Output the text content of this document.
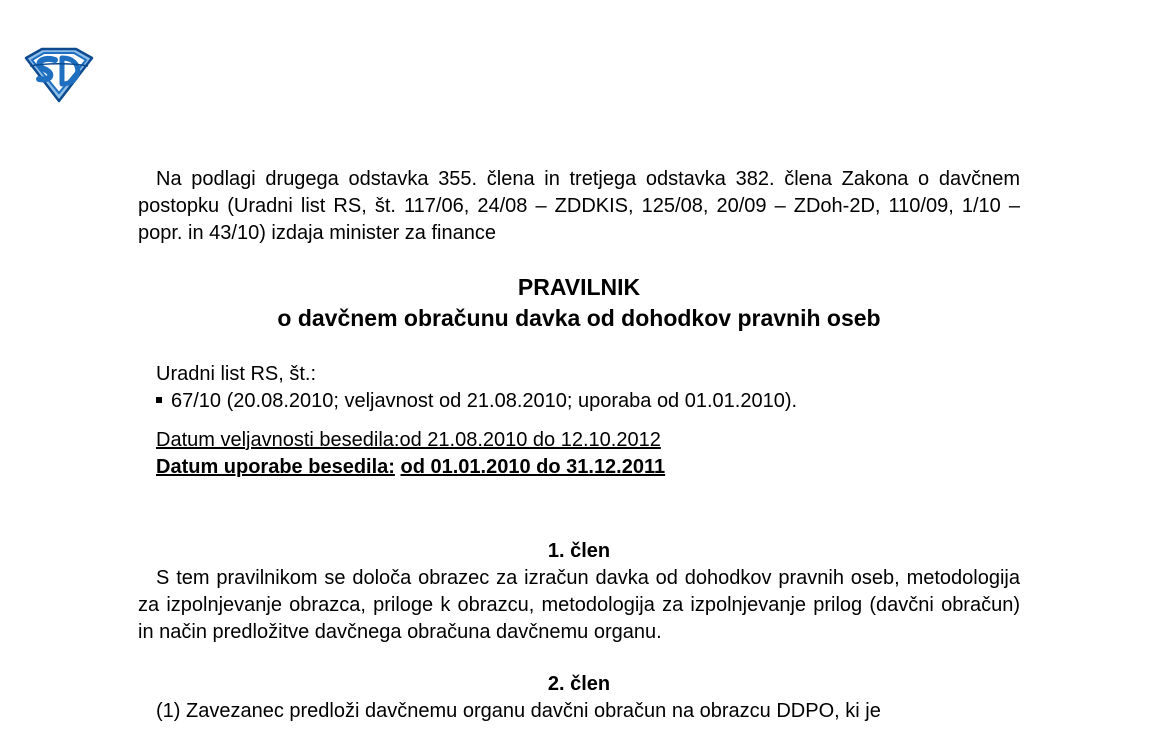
Na podlagi drugega odstavka 355. člena in tretjega odstavka 382. člena Zakona o davčnem postopku (Uradni list RS, št. 117/06, 24/08 – ZDDKIS, 125/08, 20/09 – ZDoh-2D, 110/09, 1/10 – popr. in 43/10) izdaja minister za finance

PRAVILNIK

o davčnem obračunu davka od dohodkov pravnih oseb

Uradni list RS, št.:
67/10 (20.08.2010; veljavnost od 21.08.2010; uporaba od 01.01.2010).
Datum veljavnosti besedila:od 21.08.2010 do 12.10.2012
Datum uporabe besedila: od 01.01.2010 do 31.12.2011

1. člen

S tem pravilnikom se določa obrazec za izračun davka od dohodkov pravnih oseb, metodologija za izpolnjevanje obrazca, priloge k obrazcu, metodologija za izpolnjevanje prilog (davčni obračun) in način predložitve davčnega obračuna davčnemu organu.

2. člen

(1) Zavezanec predloži davčnemu organu davčni obračun na obrazcu DDPO, ki je
